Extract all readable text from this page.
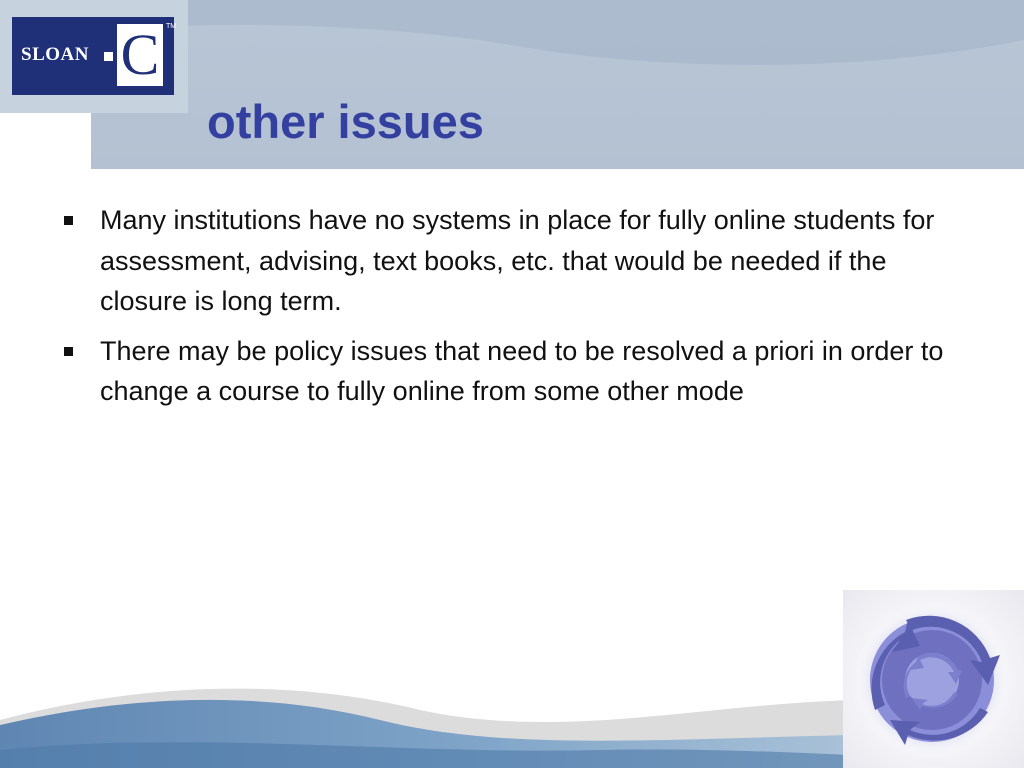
SLOAN C TM
other issues
Many institutions have no systems in place for fully online students for assessment, advising, text books, etc. that would be needed if the closure is long term.
There may be policy issues that need to be resolved a priori in order to change a course to fully online from some other mode
